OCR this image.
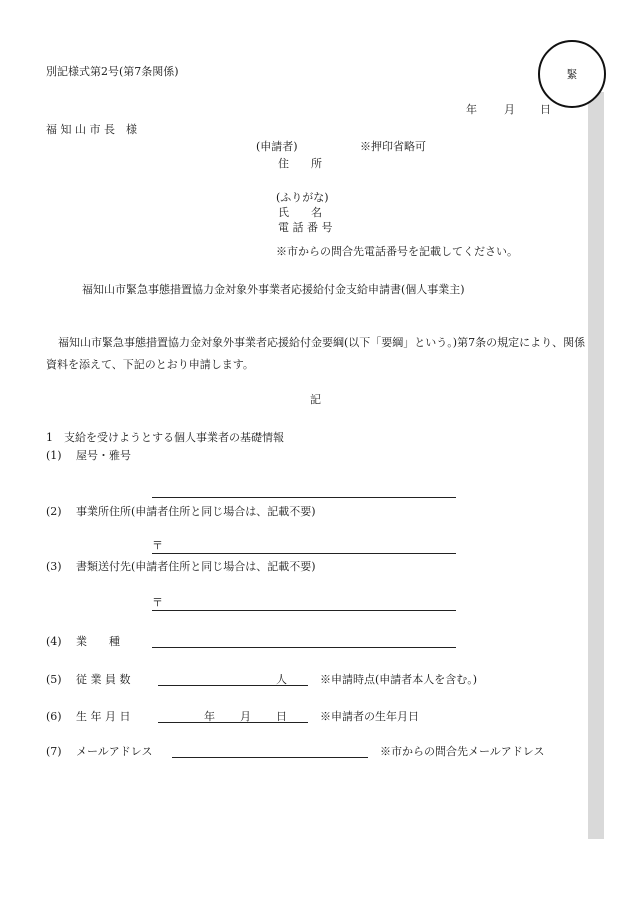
緊
別記様式第2号(第7条関係)
年 月 日
福 知 山 市 長　様
(申請者)	※押印省略可
住　　所
(ふりがな)
氏　　名
電 話 番 号
※市からの問合先電話番号を記載してください。
福知山市緊急事態措置協力金対象外事業者応援給付金支給申請書(個人事業主)
福知山市緊急事態措置協力金対象外事業者応援給付金要綱(以下「要綱」という。)第7条の規定により、関係資料を添えて、下記のとおり申請します。
記
1　支給を受けようとする個人事業者の基礎情報
(1) 屋号・雅号
(2) 事業所住所(申請者住所と同じ場合は、記載不要)
〒
(3) 書類送付先(申請者住所と同じ場合は、記載不要)
〒
(4) 業　　種
(5) 従 業 員 数	人	※申請時点(申請者本人を含む。)
(6) 生 年 月 日	年 月 日	※申請者の生年月日
(7) メールアドレス	※市からの問合先メールアドレス
